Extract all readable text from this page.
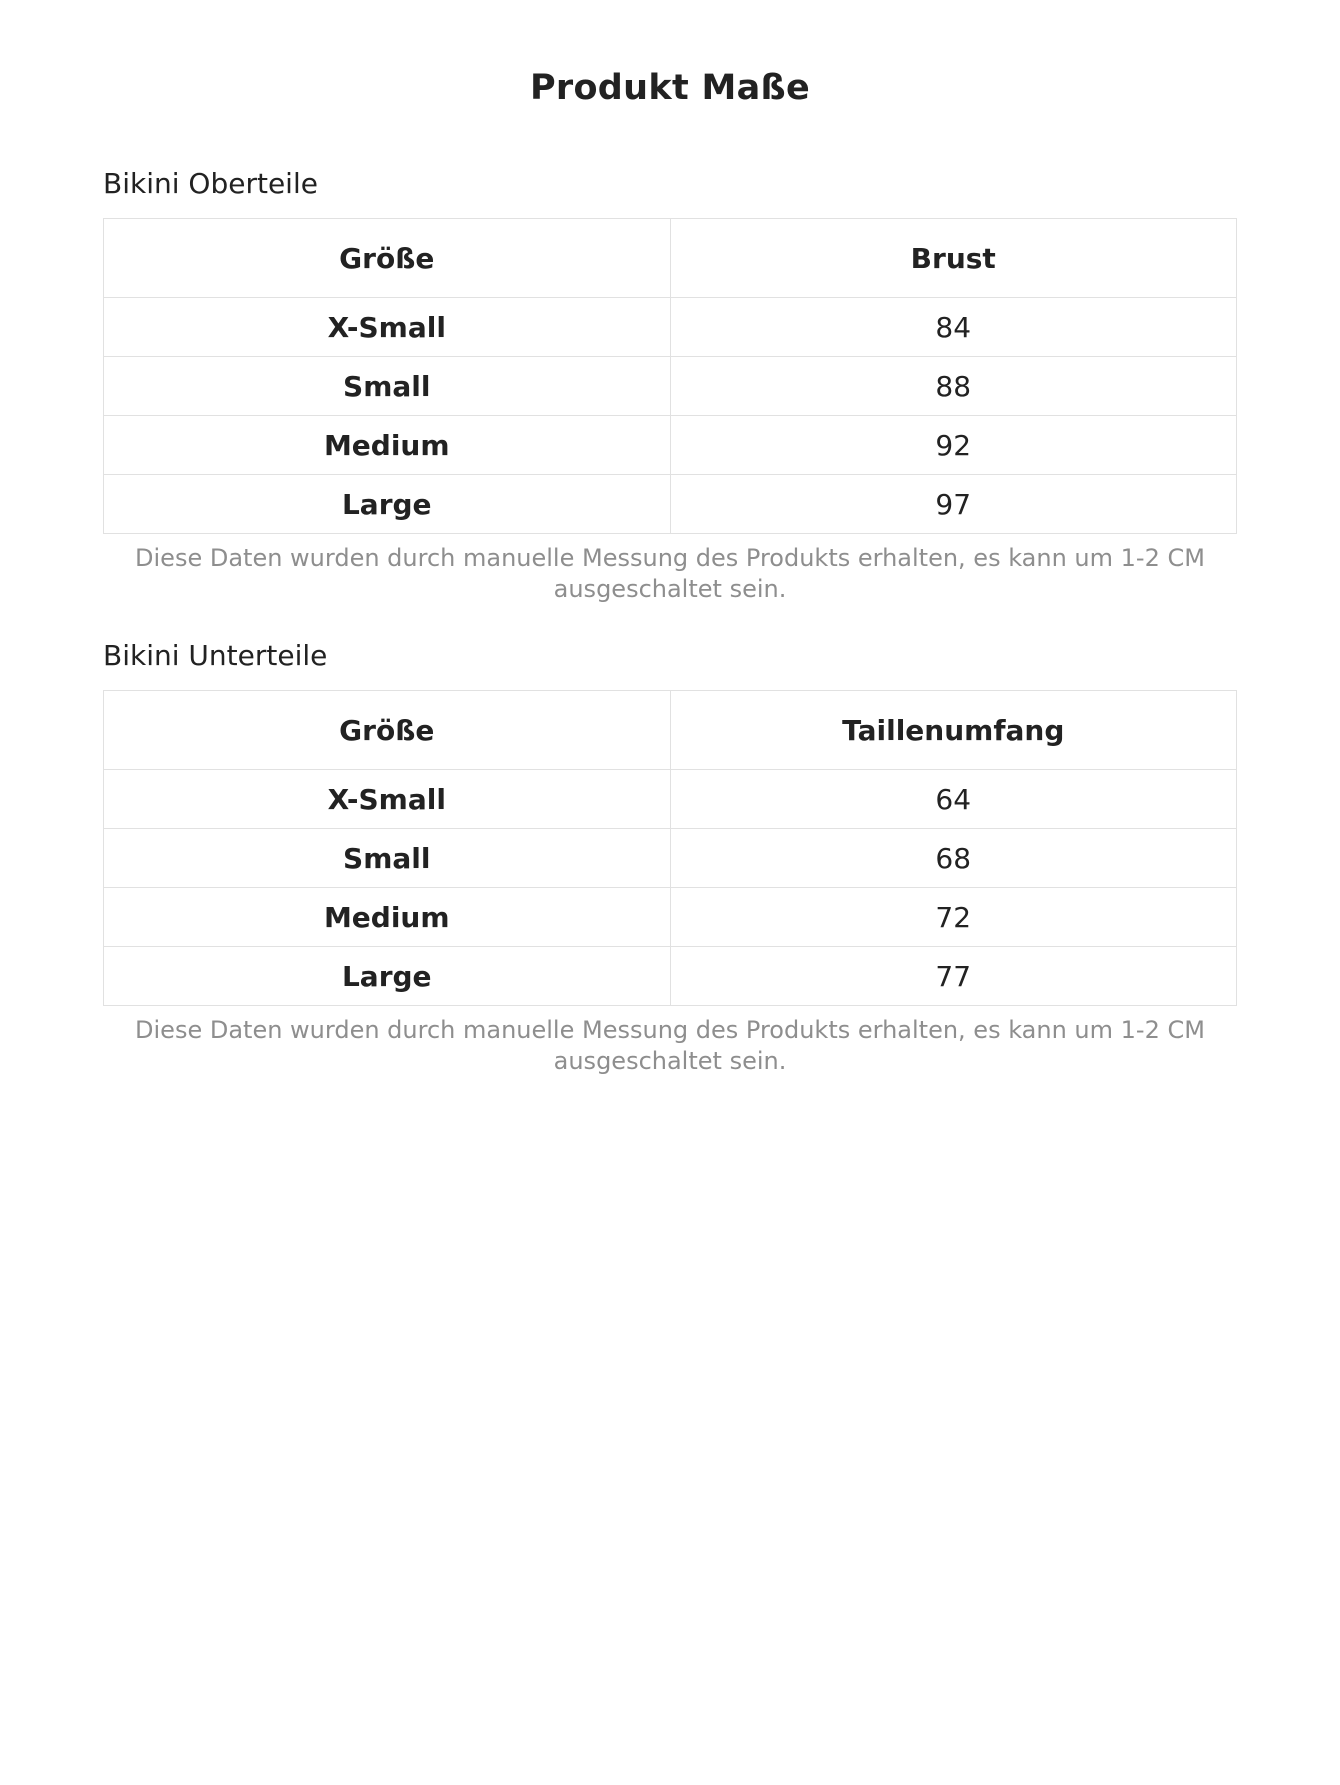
Produkt Maße
Bikini Oberteile
Größe	Brust
X-Small	84
Small	88
Medium	92
Large	97
Diese Daten wurden durch manuelle Messung des Produkts erhalten, es kann um 1-2 CM ausgeschaltet sein.
Bikini Unterteile
Größe	Taillenumfang
X-Small	64
Small	68
Medium	72
Large	77
Diese Daten wurden durch manuelle Messung des Produkts erhalten, es kann um 1-2 CM ausgeschaltet sein.
